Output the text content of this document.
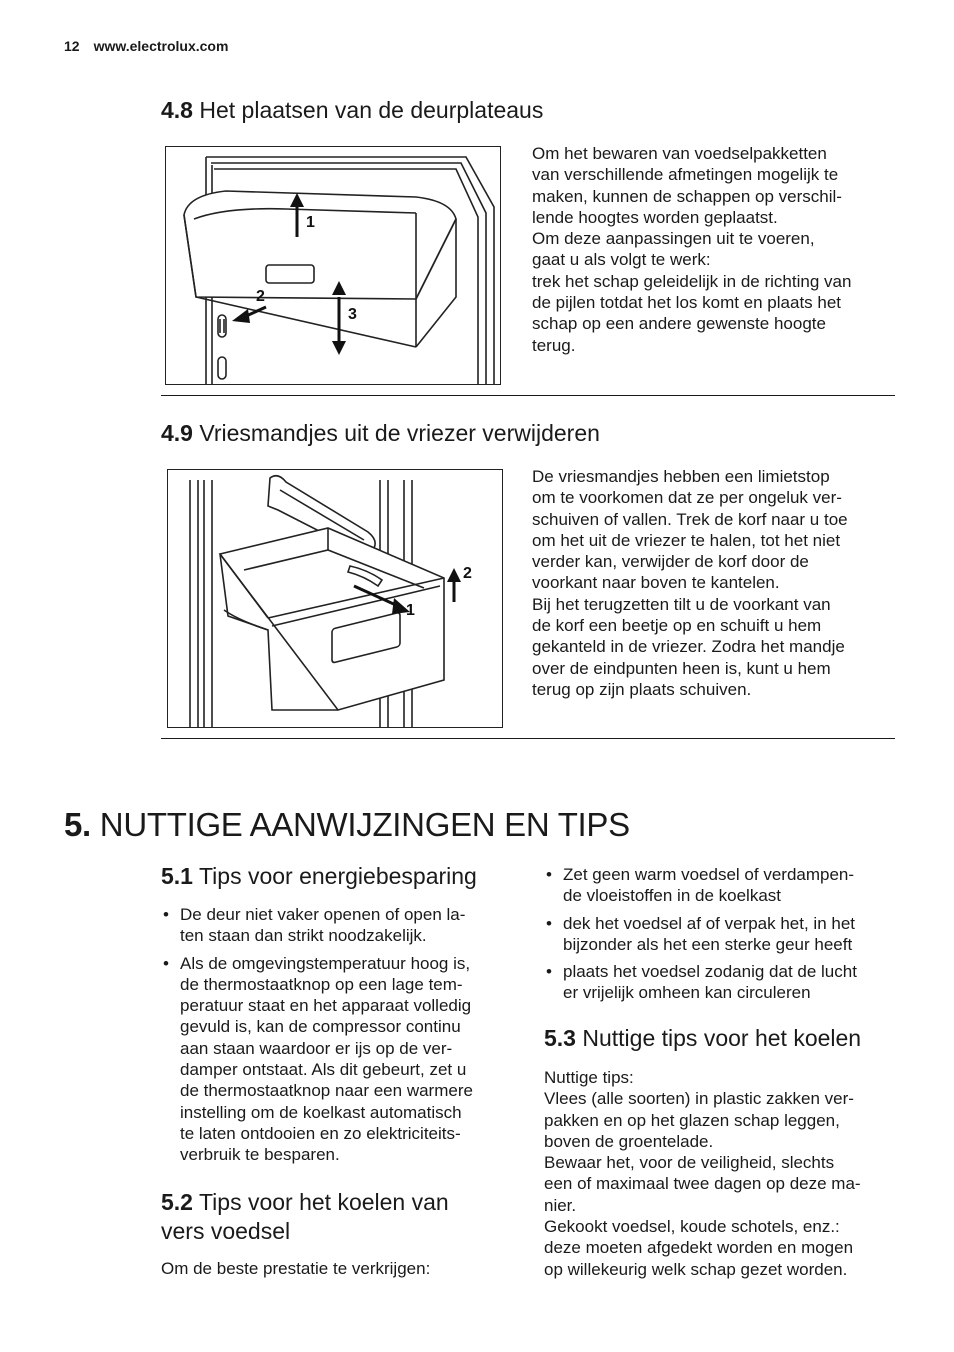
12 www.electrolux.com
4.8 Het plaatsen van de deurplateaus
1
2
3
Om het bewaren van voedselpakketten
van verschillende afmetingen mogelijk te
maken, kunnen de schappen op verschil-
lende hoogtes worden geplaatst.
Om deze aanpassingen uit te voeren,
gaat u als volgt te werk:
trek het schap geleidelijk in de richting van
de pijlen totdat het los komt en plaats het
schap op een andere gewenste hoogte
terug.
4.9 Vriesmandjes uit de vriezer verwijderen
1
2
De vriesmandjes hebben een limietstop
om te voorkomen dat ze per ongeluk ver-
schuiven of vallen. Trek de korf naar u toe
om het uit de vriezer te halen, tot het niet
verder kan, verwijder de korf door de
voorkant naar boven te kantelen.
Bij het terugzetten tilt u de voorkant van
de korf een beetje op en schuift u hem
gekanteld in de vriezer. Zodra het mandje
over de eindpunten heen is, kunt u hem
terug op zijn plaats schuiven.
5. NUTTIGE AANWIJZINGEN EN TIPS
5.1 Tips voor energiebesparing
• De deur niet vaker openen of open la-
ten staan dan strikt noodzakelijk.
• Als de omgevingstemperatuur hoog is,
de thermostaatknop op een lage tem-
peratuur staat en het apparaat volledig
gevuld is, kan de compressor continu
aan staan waardoor er ijs op de ver-
damper ontstaat. Als dit gebeurt, zet u
de thermostaatknop naar een warmere
instelling om de koelkast automatisch
te laten ontdooien en zo elektriciteits-
verbruik te besparen.
5.2 Tips voor het koelen van
vers voedsel
Om de beste prestatie te verkrijgen:
• Zet geen warm voedsel of verdampen-
de vloeistoffen in de koelkast
• dek het voedsel af of verpak het, in het
bijzonder als het een sterke geur heeft
• plaats het voedsel zodanig dat de lucht
er vrijelijk omheen kan circuleren
5.3 Nuttige tips voor het koelen
Nuttige tips:
Vlees (alle soorten) in plastic zakken ver-
pakken en op het glazen schap leggen,
boven de groentelade.
Bewaar het, voor de veiligheid, slechts
een of maximaal twee dagen op deze ma-
nier.
Gekookt voedsel, koude schotels, enz.:
deze moeten afgedekt worden en mogen
op willekeurig welk schap gezet worden.
